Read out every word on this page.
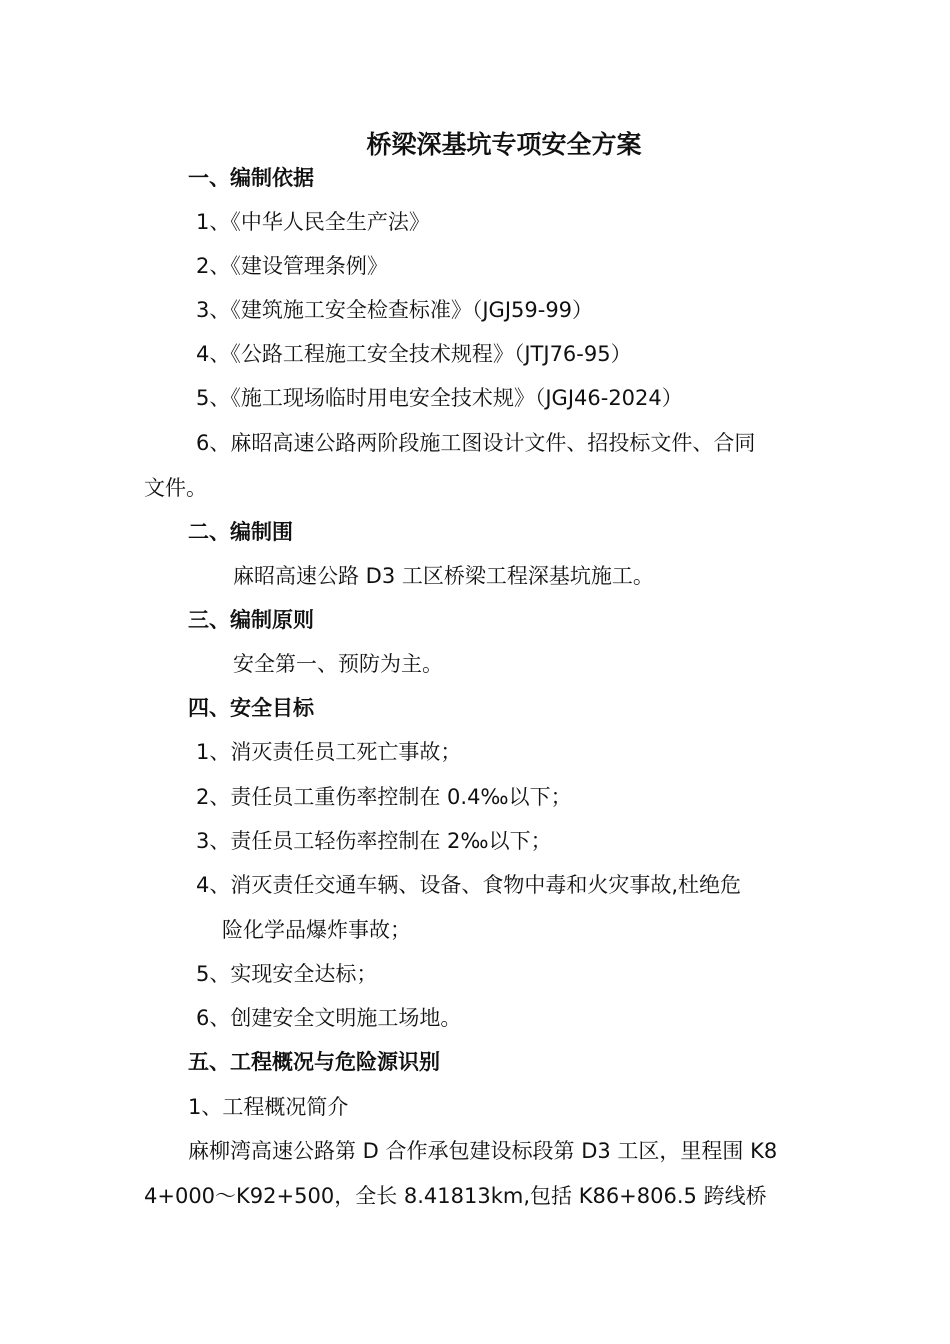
桥梁深基坑专项安全方案
一、编制依据
1、《中华人民全生产法》
2、《建设管理条例》
3、《建筑施工安全检查标准》（JGJ59-99）
4、《公路工程施工安全技术规程》（JTJ76-95）
5、《施工现场临时用电安全技术规》（JGJ46-2024）
6、麻昭高速公路两阶段施工图设计文件、招投标文件、合同
文件。
二、编制围
麻昭高速公路 D3 工区桥梁工程深基坑施工。
三、编制原则
安全第一、预防为主。
四、安全目标
1、消灭责任员工死亡事故；
2、责任员工重伤率控制在 0.4‰以下；
3、责任员工轻伤率控制在 2‰以下；
4、消灭责任交通车辆、设备、食物中毒和火灾事故,杜绝危
险化学品爆炸事故；
5、实现安全达标；
6、创建安全文明施工场地。
五、工程概况与危险源识别
1、工程概况简介
麻柳湾高速公路第 D 合作承包建设标段第 D3 工区，里程围 K8
4+000～K92+500，全长 8.41813km,包括 K86+806.5 跨线桥
